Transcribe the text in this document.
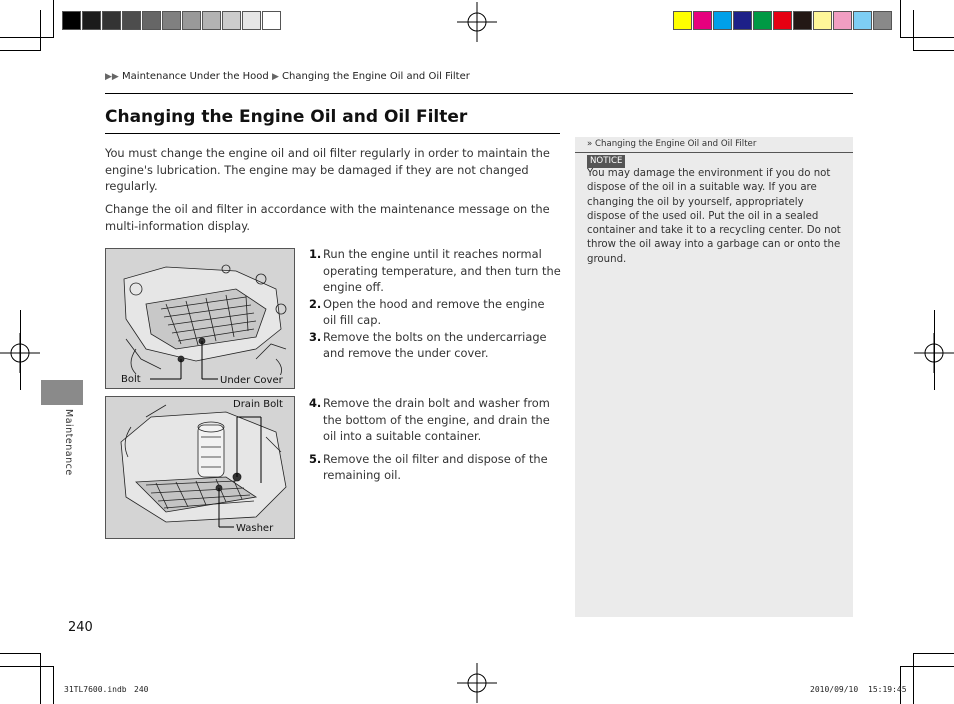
▶▶ Maintenance Under the Hood ▶ Changing the Engine Oil and Oil Filter
Changing the Engine Oil and Oil Filter
You must change the engine oil and oil filter regularly in order to maintain the engine's lubrication. The engine may be damaged if they are not changed regularly.
Change the oil and filter in accordance with the maintenance message on the multi-information display.
Bolt	Under Cover
Drain Bolt
Washer
1. Run the engine until it reaches normal operating temperature, and then turn the engine off.
2. Open the hood and remove the engine oil fill cap.
3. Remove the bolts on the undercarriage and remove the under cover.
4. Remove the drain bolt and washer from the bottom of the engine, and drain the oil into a suitable container.
5. Remove the oil filter and dispose of the remaining oil.
» Changing the Engine Oil and Oil Filter
NOTICE
You may damage the environment if you do not dispose of the oil in a suitable way. If you are changing the oil by yourself, appropriately dispose of the used oil. Put the oil in a sealed container and take it to a recycling center. Do not throw the oil away into a garbage can or onto the ground.
Maintenance
240
31TL7600.indb 240	2010/09/10 15:19:45
